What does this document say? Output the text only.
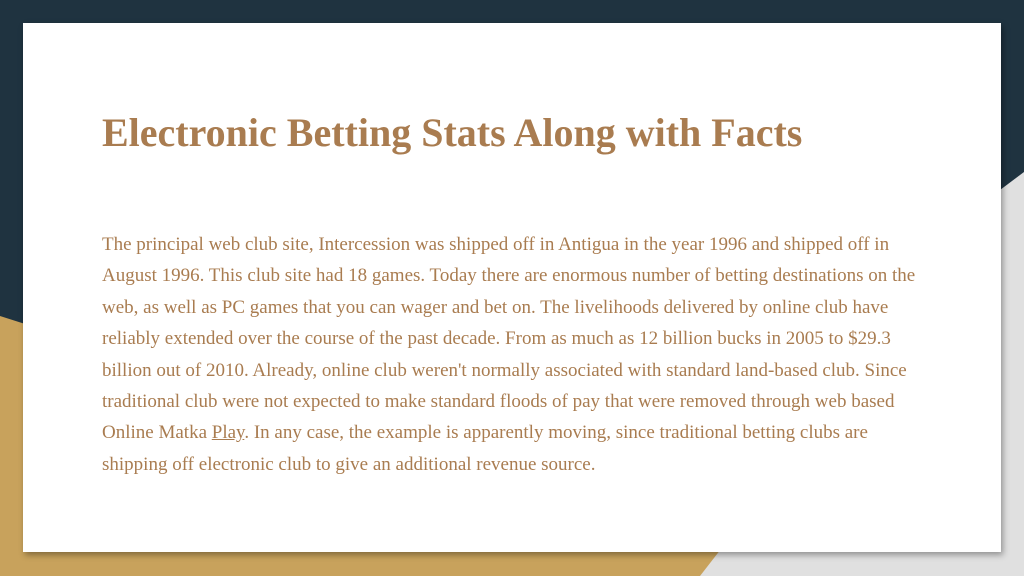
Electronic Betting Stats Along with Facts

The principal web club site, Intercession was shipped off in Antigua in the year 1996 and shipped off in August 1996. This club site had 18 games. Today there are enormous number of betting destinations on the web, as well as PC games that you can wager and bet on. The livelihoods delivered by online club have reliably extended over the course of the past decade. From as much as 12 billion bucks in 2005 to $29.3 billion out of 2010. Already, online club weren't normally associated with standard land-based club. Since traditional club were not expected to make standard floods of pay that were removed through web based Online Matka Play. In any case, the example is apparently moving, since traditional betting clubs are shipping off electronic club to give an additional revenue source.
